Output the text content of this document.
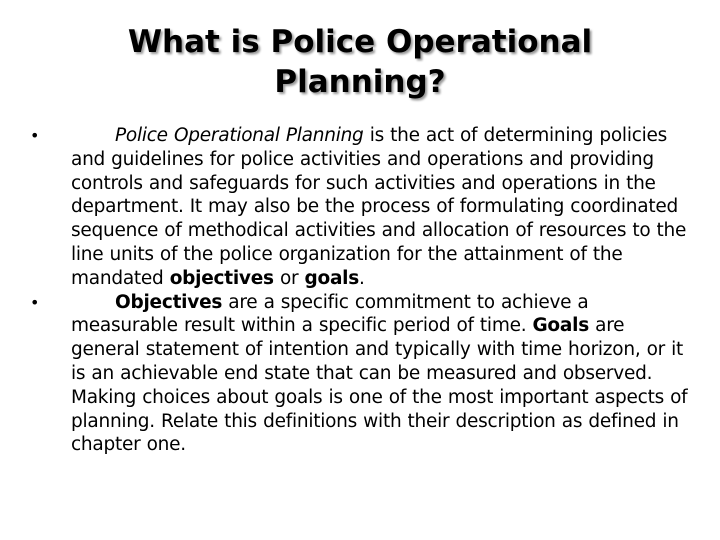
What is Police Operational
Planning?
•	Police Operational Planning is the act of determining policies and guidelines for police activities and operations and providing controls and safeguards for such activities and operations in the department. It may also be the process of formulating coordinated sequence of methodical activities and allocation of resources to the line units of the police organization for the attainment of the mandated objectives or goals.
•	Objectives are a specific commitment to achieve a measurable result within a specific period of time. Goals are general statement of intention and typically with time horizon, or it is an achievable end state that can be measured and observed. Making choices about goals is one of the most important aspects of planning. Relate this definitions with their description as defined in chapter one.
